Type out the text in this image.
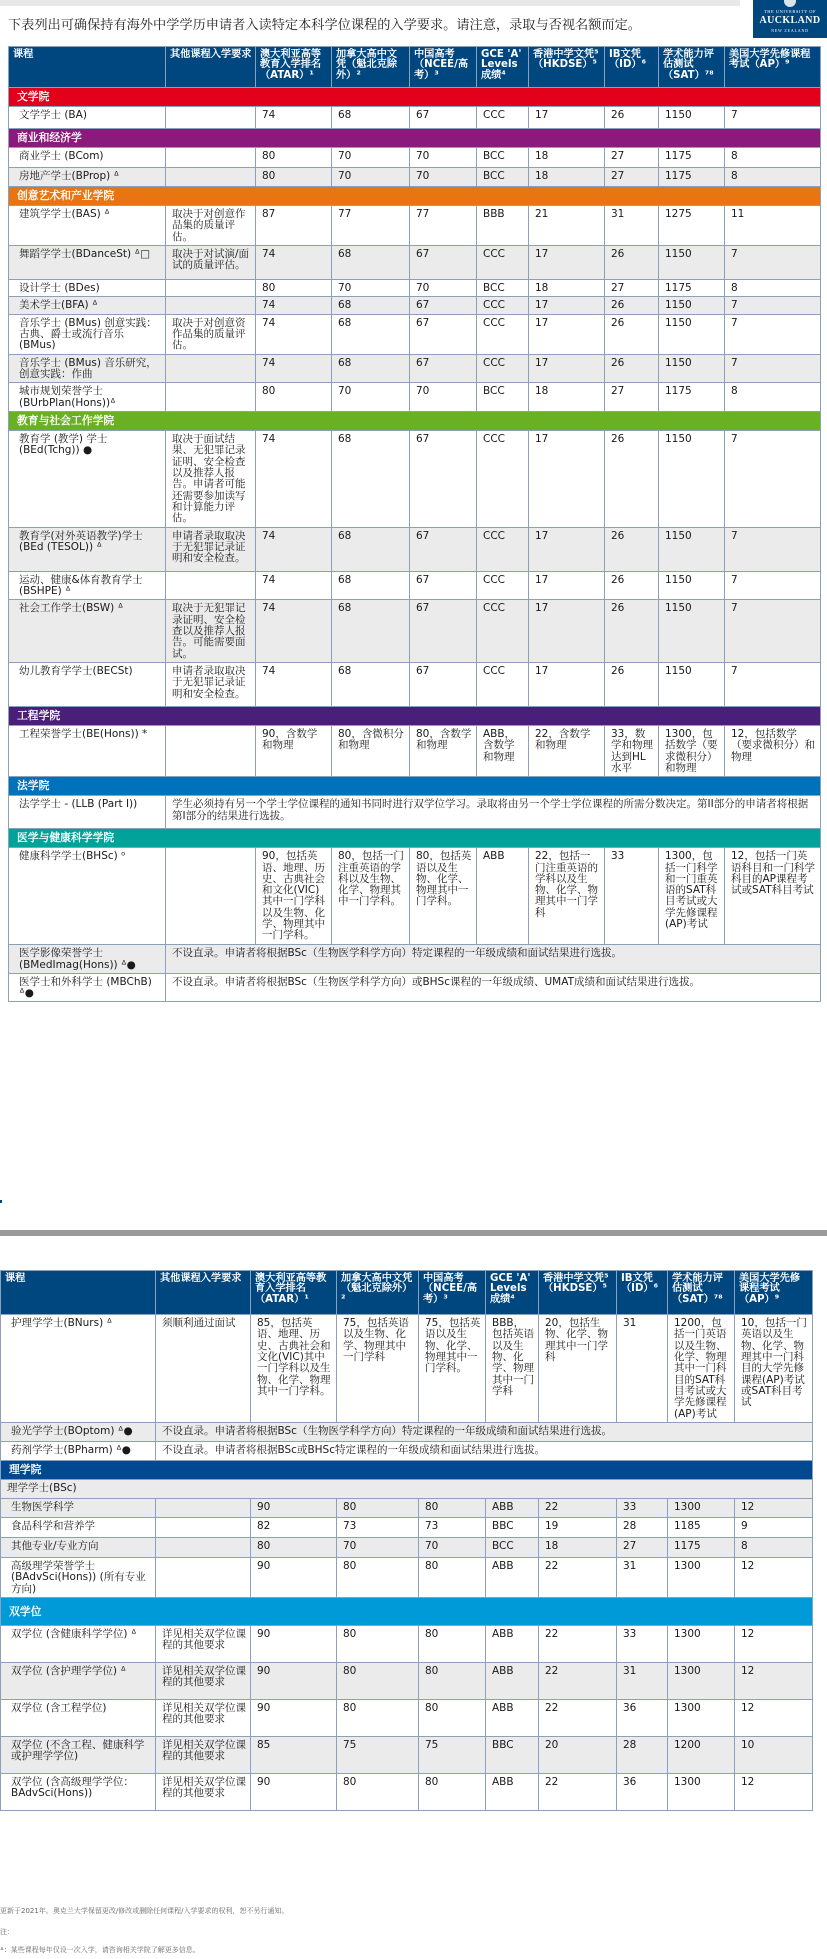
下表列出可确保持有海外中学学历申请者入读特定本科学位课程的入学要求。请注意，录取与否视名额而定。
THE UNIVERSITY OF
AUCKLAND
NEW ZEALAND
课程	其他课程入学要求	澳大利亚高等教育入学排名（ATAR）¹	加拿大高中文凭（魁北克除外）²	中国高考（NCEE/高考）³	GCE 'A' Levels成绩⁴	香港中学文凭⁵（HKDSE）⁵	IB文凭（ID）⁶	学术能力评估测试（SAT）⁷⁸	美国大学先修课程考试（AP）⁹
文学院									
文学学士 (BA)		74	68	67	CCC	17	26	1150	7
商业和经济学									
商业学士 (BCom)		80	70	70	BCC	18	27	1175	8
房地产学士(BProp) ᐞ		80	70	70	BCC	18	27	1175	8
创意艺术和产业学院									
建筑学学士(BAS) ᐞ	取决于对创意作品集的质量评估。	87	77	77	BBB	21	31	1275	11
舞蹈学学士(BDanceSt) ᐞ□	取决于对试演/面试的质量评估。	74	68	67	CCC	17	26	1150	7
设计学士 (BDes)		80	70	70	BCC	18	27	1175	8
美术学士(BFA) ᐞ		74	68	67	CCC	17	26	1150	7
音乐学士 (BMus) 创意实践：古典、爵士或流行音乐 (BMus)	取决于对创意资作品集的质量评估。	74	68	67	CCC	17	26	1150	7
音乐学士 (BMus) 音乐研究，创意实践：作曲		74	68	67	CCC	17	26	1150	7
城市规划荣誉学士 (BUrbPlan(Hons))ᐞ		80	70	70	BCC	18	27	1175	8
教育与社会工作学院									
教育学 (教学) 学士 (BEd(Tchg)) ●	取决于面试结果、无犯罪记录证明、安全检查以及推荐人报告。申请者可能还需要参加读写和计算能力评估。	74	68	67	CCC	17	26	1150	7
教育学(对外英语教学)学士 (BEd (TESOL)) ᐞ	申请者录取取决于无犯罪记录证明和安全检查。	74	68	67	CCC	17	26	1150	7
运动、健康&体育教育学士 (BSHPE) ᐞ		74	68	67	CCC	17	26	1150	7
社会工作学士(BSW) ᐞ	取决于无犯罪记录证明、安全检查以及推荐人报告。可能需要面试。	74	68	67	CCC	17	26	1150	7
幼儿教育学学士(BECSt)	申请者录取取决于无犯罪记录证明和安全检查。	74	68	67	CCC	17	26	1150	7
工程学院									
工程荣誉学士(BE(Hons)) *		90，含数学和物理	80，含微积分和物理	80，含数学和物理	ABB，含数学和物理	22，含数学和物理	33，数学和物理达到HL水平	1300，包括数学（要求微积分）和物理	12，包括数学（要求微积分）和物理
法学院									
法学学士 - (LLB (Part I))	学生必须持有另一个学士学位课程的通知书同时进行双学位学习。录取将由另一个学士学位课程的所需分数决定。第II部分的申请者将根据第I部分的结果进行选拔。								
医学与健康科学学院									
健康科学学士(BHSc) ᵒ		90，包括英语、地理、历史、古典社会和文化(VIC)其中一门学科以及生物、化学、物理其中一门学科。	80，包括一门注重英语的学科以及生物、化学、物理其中一门学科。	80，包括英语以及生物、化学、物理其中一门学科。	ABB	22，包括一门注重英语的学科以及生物、化学、物理其中一门学科	33	1300，包括一门科学和一门重英语的SAT科目考试或大学先修课程(AP)考试	12，包括一门英语科目和一门科学科目的AP课程考试或SAT科目考试
医学影像荣誉学士 (BMedImag(Hons)) ᐞ●	不设直录。申请者将根据BSc（生物医学科学方向）特定课程的一年级成绩和面试结果进行选拔。								
医学士和外科学士 (MBChB) ᐞ●	不设直录。申请者将根据BSc（生物医学科学方向）或BHSc课程的一年级成绩、UMAT成绩和面试结果进行选拔。								
课程	其他课程入学要求	澳大利亚高等教育入学排名（ATAR）¹	加拿大高中文凭（魁北克除外）²	中国高考（NCEE/高考）³	GCE 'A' Levels成绩⁴	香港中学文凭⁵（HKDSE）⁵	IB文凭（ID）⁶	学术能力评估测试（SAT）⁷⁸	美国大学先修课程考试（AP）⁹
护理学学士(BNurs) ᐞ	须顺利通过面试	85，包括英语、地理、历史、古典社会和文化(VIC)其中一门学科以及生物、化学、物理其中一门学科。	75，包括英语以及生物、化学、物理其中一门学科	75，包括英语以及生物、化学、物理其中一门学科。	BBB，包括英语以及生物、化学、物理其中一门学科	20，包括生物、化学、物理其中一门学科	31	1200，包括一门英语以及生物、化学、物理其中一门科目的SAT科目考试或大学先修课程(AP)考试	10，包括一门英语以及生物、化学、物理其中一门科目的大学先修课程(AP)考试或SAT科目考试
验光学学士(BOptom) ᐞ●	不设直录。申请者将根据BSc（生物医学科学方向）特定课程的一年级成绩和面试结果进行选拔。								
药剂学学士(BPharm) ᐞ●	不设直录。申请者将根据BSc或BHSc特定课程的一年级成绩和面试结果进行选拔。								
理学院									
理学学士(BSc)									
生物医学科学		90	80	80	ABB	22	33	1300	12
食品科学和营养学		82	73	73	BBC	19	28	1185	9
其他专业/专业方向		80	70	70	BCC	18	27	1175	8
高级理学荣誉学士 (BAdvSci(Hons)) (所有专业方向)		90	80	80	ABB	22	31	1300	12
双学位									
双学位 (含健康科学学位) ᐞ	详见相关双学位课程的其他要求	90	80	80	ABB	22	33	1300	12
双学位 (含护理学学位) ᐞ	详见相关双学位课程的其他要求	90	80	80	ABB	22	31	1300	12
双学位 (含工程学位)	详见相关双学位课程的其他要求	90	80	80	ABB	22	36	1300	12
双学位 (不含工程、健康科学或护理学学位)	详见相关双学位课程的其他要求	85	75	75	BBC	20	28	1200	10
双学位 (含高级理学学位：BAdvSci(Hons))	详见相关双学位课程的其他要求	90	80	80	ABB	22	36	1300	12
更新于2021年。奥克兰大学保留更改/修改或删除任何课程/入学要求的权利，恕不另行通知。
注：
ᐞ：某些课程每年仅设一次入学，请咨询相关学院了解更多信息。
